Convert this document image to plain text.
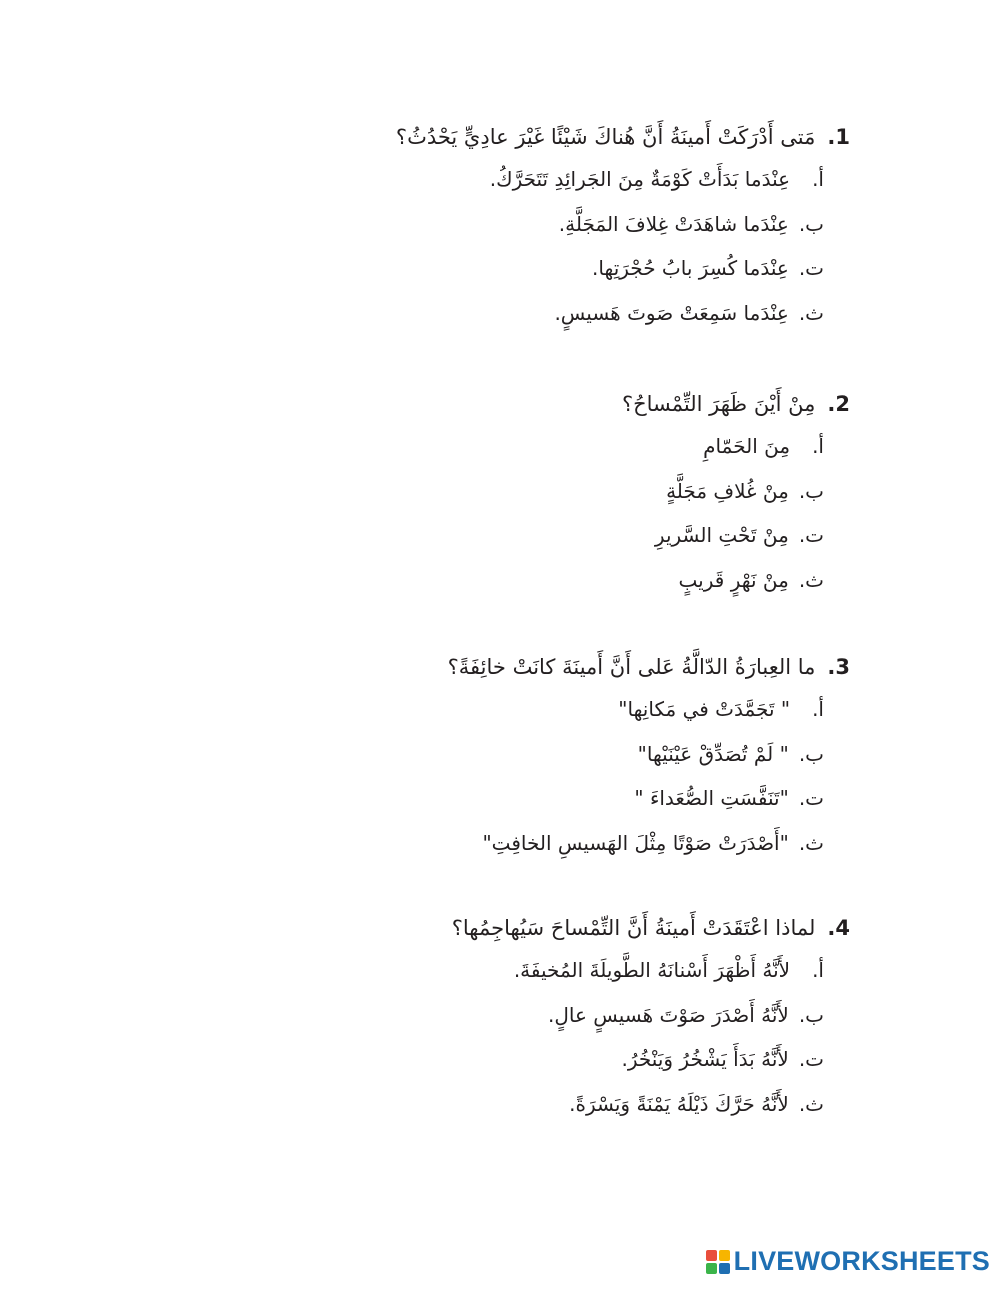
1.
مَتى أَدْرَكَتْ أَمينَةُ أَنَّ هُناكَ شَيْئًا غَيْرَ عادِيٍّ يَحْدُثُ؟
أ.
عِنْدَما بَدَأَتْ كَوْمَةٌ مِنَ الجَرائِدِ تَتَحَرَّكُ.
ب.
عِنْدَما شاهَدَتْ غِلافَ المَجَلَّةِ.
ت.
عِنْدَما كُسِرَ بابُ حُجْرَتِها.
ث.
عِنْدَما سَمِعَتْ صَوتَ هَسيسٍ.
2.
مِنْ أَيْنَ ظَهَرَ التِّمْساحُ؟
أ.
مِنَ الحَمّامِ
ب.
مِنْ غُلافِ مَجَلَّةٍ
ت.
مِنْ تَحْتِ السَّريرِ
ث.
مِنْ نَهْرٍ قَريبٍ
3.
ما العِبارَةُ الدّالَّةُ عَلى أَنَّ أَمينَةَ كانَتْ خائِفَةً؟
أ.
" تَجَمَّدَتْ في مَكانِها"
ب.
" لَمْ تُصَدِّقْ عَيْنَيْها"
ت.
"تَنَفَّسَتِ الصُّعَداءَ "
ث.
"أَصْدَرَتْ صَوْتًا مِثْلَ الهَسيسِ الخافِتِ"
4.
لماذا اعْتَقَدَتْ أَمينَةُ أَنَّ التِّمْساحَ سَيُهاجِمُها؟
أ.
لأَنَّهُ أَظْهَرَ أَسْنانَهُ الطَّويلَةَ المُخيفَةَ.
ب.
لأَنَّهُ أَصْدَرَ صَوْتَ هَسيسٍ عالٍ.
ت.
لأَنَّهُ بَدَأَ يَشْخُرُ وَيَنْخُرُ.
ث.
لأَنَّهُ حَرَّكَ ذَيْلَهُ يَمْنَةً وَيَسْرَةً.
LIVEWORKSHEETS
